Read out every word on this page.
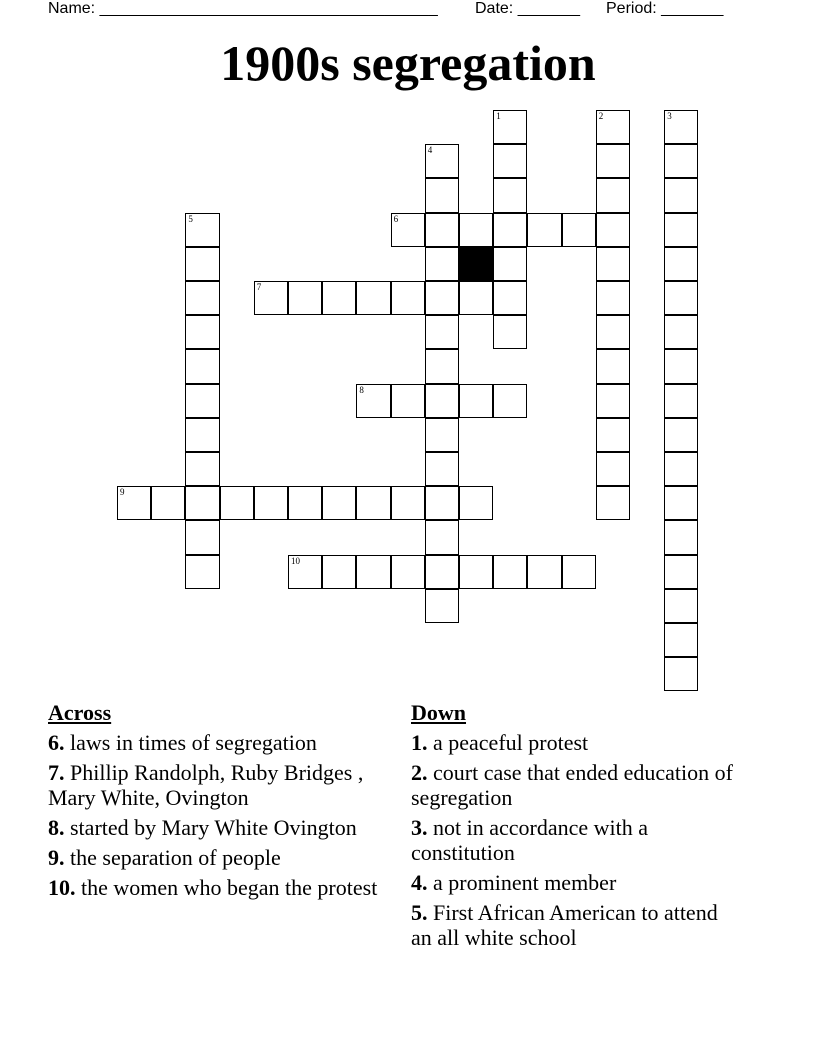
Name: ______________________________________ Date: _______ Period: _______
1900s segregation
6
7
8
9
10
1	2	3
4
5
Across
6. laws in times of segregation
7. Phillip Randolph, Ruby Bridges , Mary White, Ovington
8. started by Mary White Ovington
9. the separation of people
10. the women who began the protest
Down
1. a peaceful protest
2. court case that ended education of segregation
3. not in accordance with a constitution
4. a prominent member
5. First African American to attend an all white school
